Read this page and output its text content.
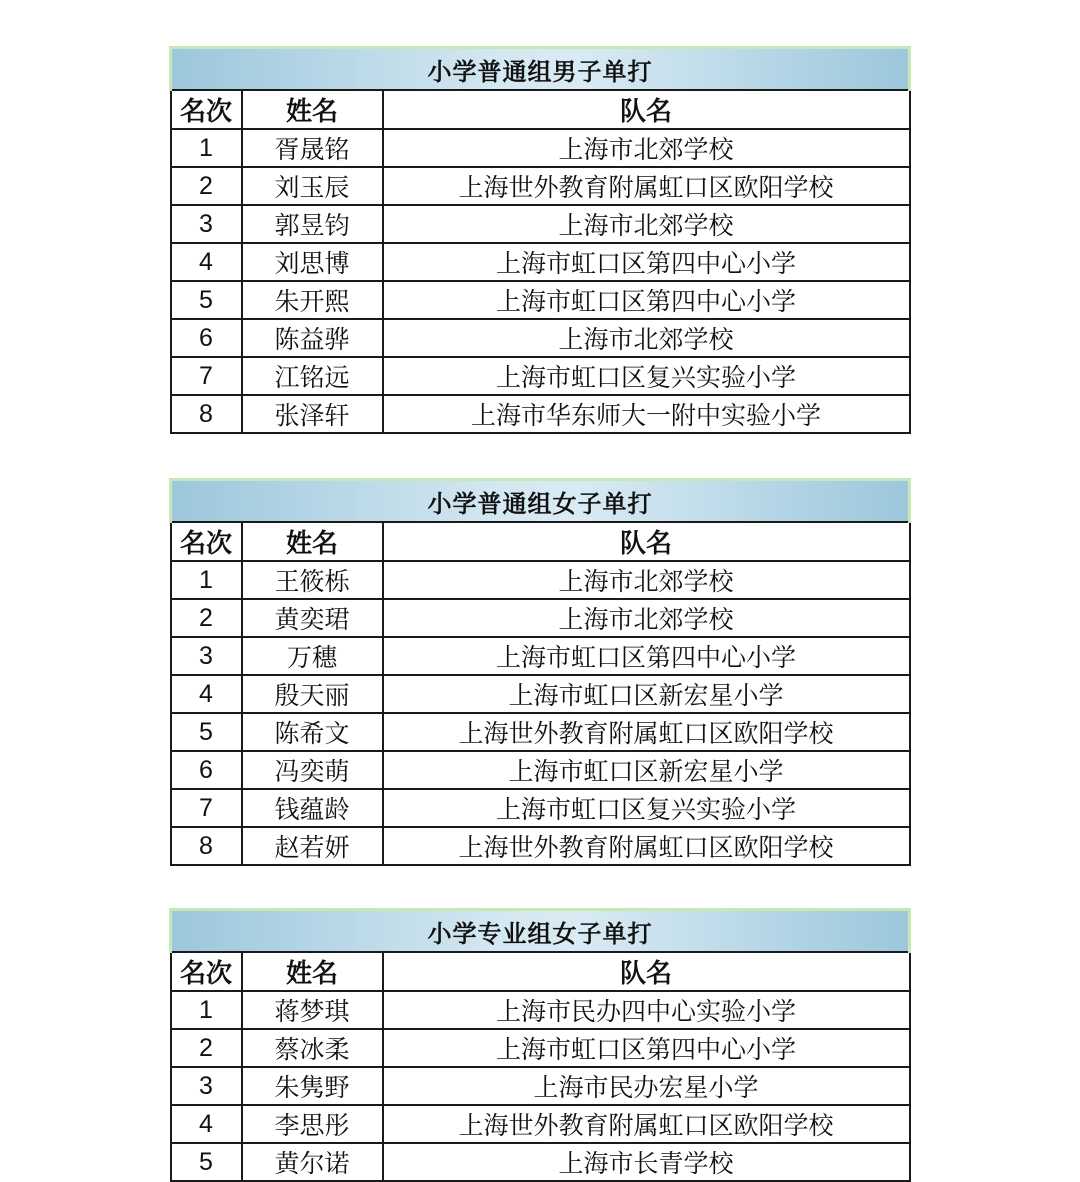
小学普通组男子单打		
名次	姓名	队名
1	胥晟铭	上海市北郊学校
2	刘玉辰	上海世外教育附属虹口区欧阳学校
3	郭昱钧	上海市北郊学校
4	刘思博	上海市虹口区第四中心小学
5	朱开熙	上海市虹口区第四中心小学
6	陈益骅	上海市北郊学校
7	江铭远	上海市虹口区复兴实验小学
8	张泽轩	上海市华东师大一附中实验小学
小学普通组女子单打		
名次	姓名	队名
1	王筱栎	上海市北郊学校
2	黄奕珺	上海市北郊学校
3	万穗	上海市虹口区第四中心小学
4	殷天丽	上海市虹口区新宏星小学
5	陈希文	上海世外教育附属虹口区欧阳学校
6	冯奕萌	上海市虹口区新宏星小学
7	钱蕴龄	上海市虹口区复兴实验小学
8	赵若妍	上海世外教育附属虹口区欧阳学校
小学专业组女子单打		
名次	姓名	队名
1	蒋梦琪	上海市民办四中心实验小学
2	蔡冰柔	上海市虹口区第四中心小学
3	朱隽野	上海市民办宏星小学
4	李思彤	上海世外教育附属虹口区欧阳学校
5	黄尔诺	上海市长青学校
